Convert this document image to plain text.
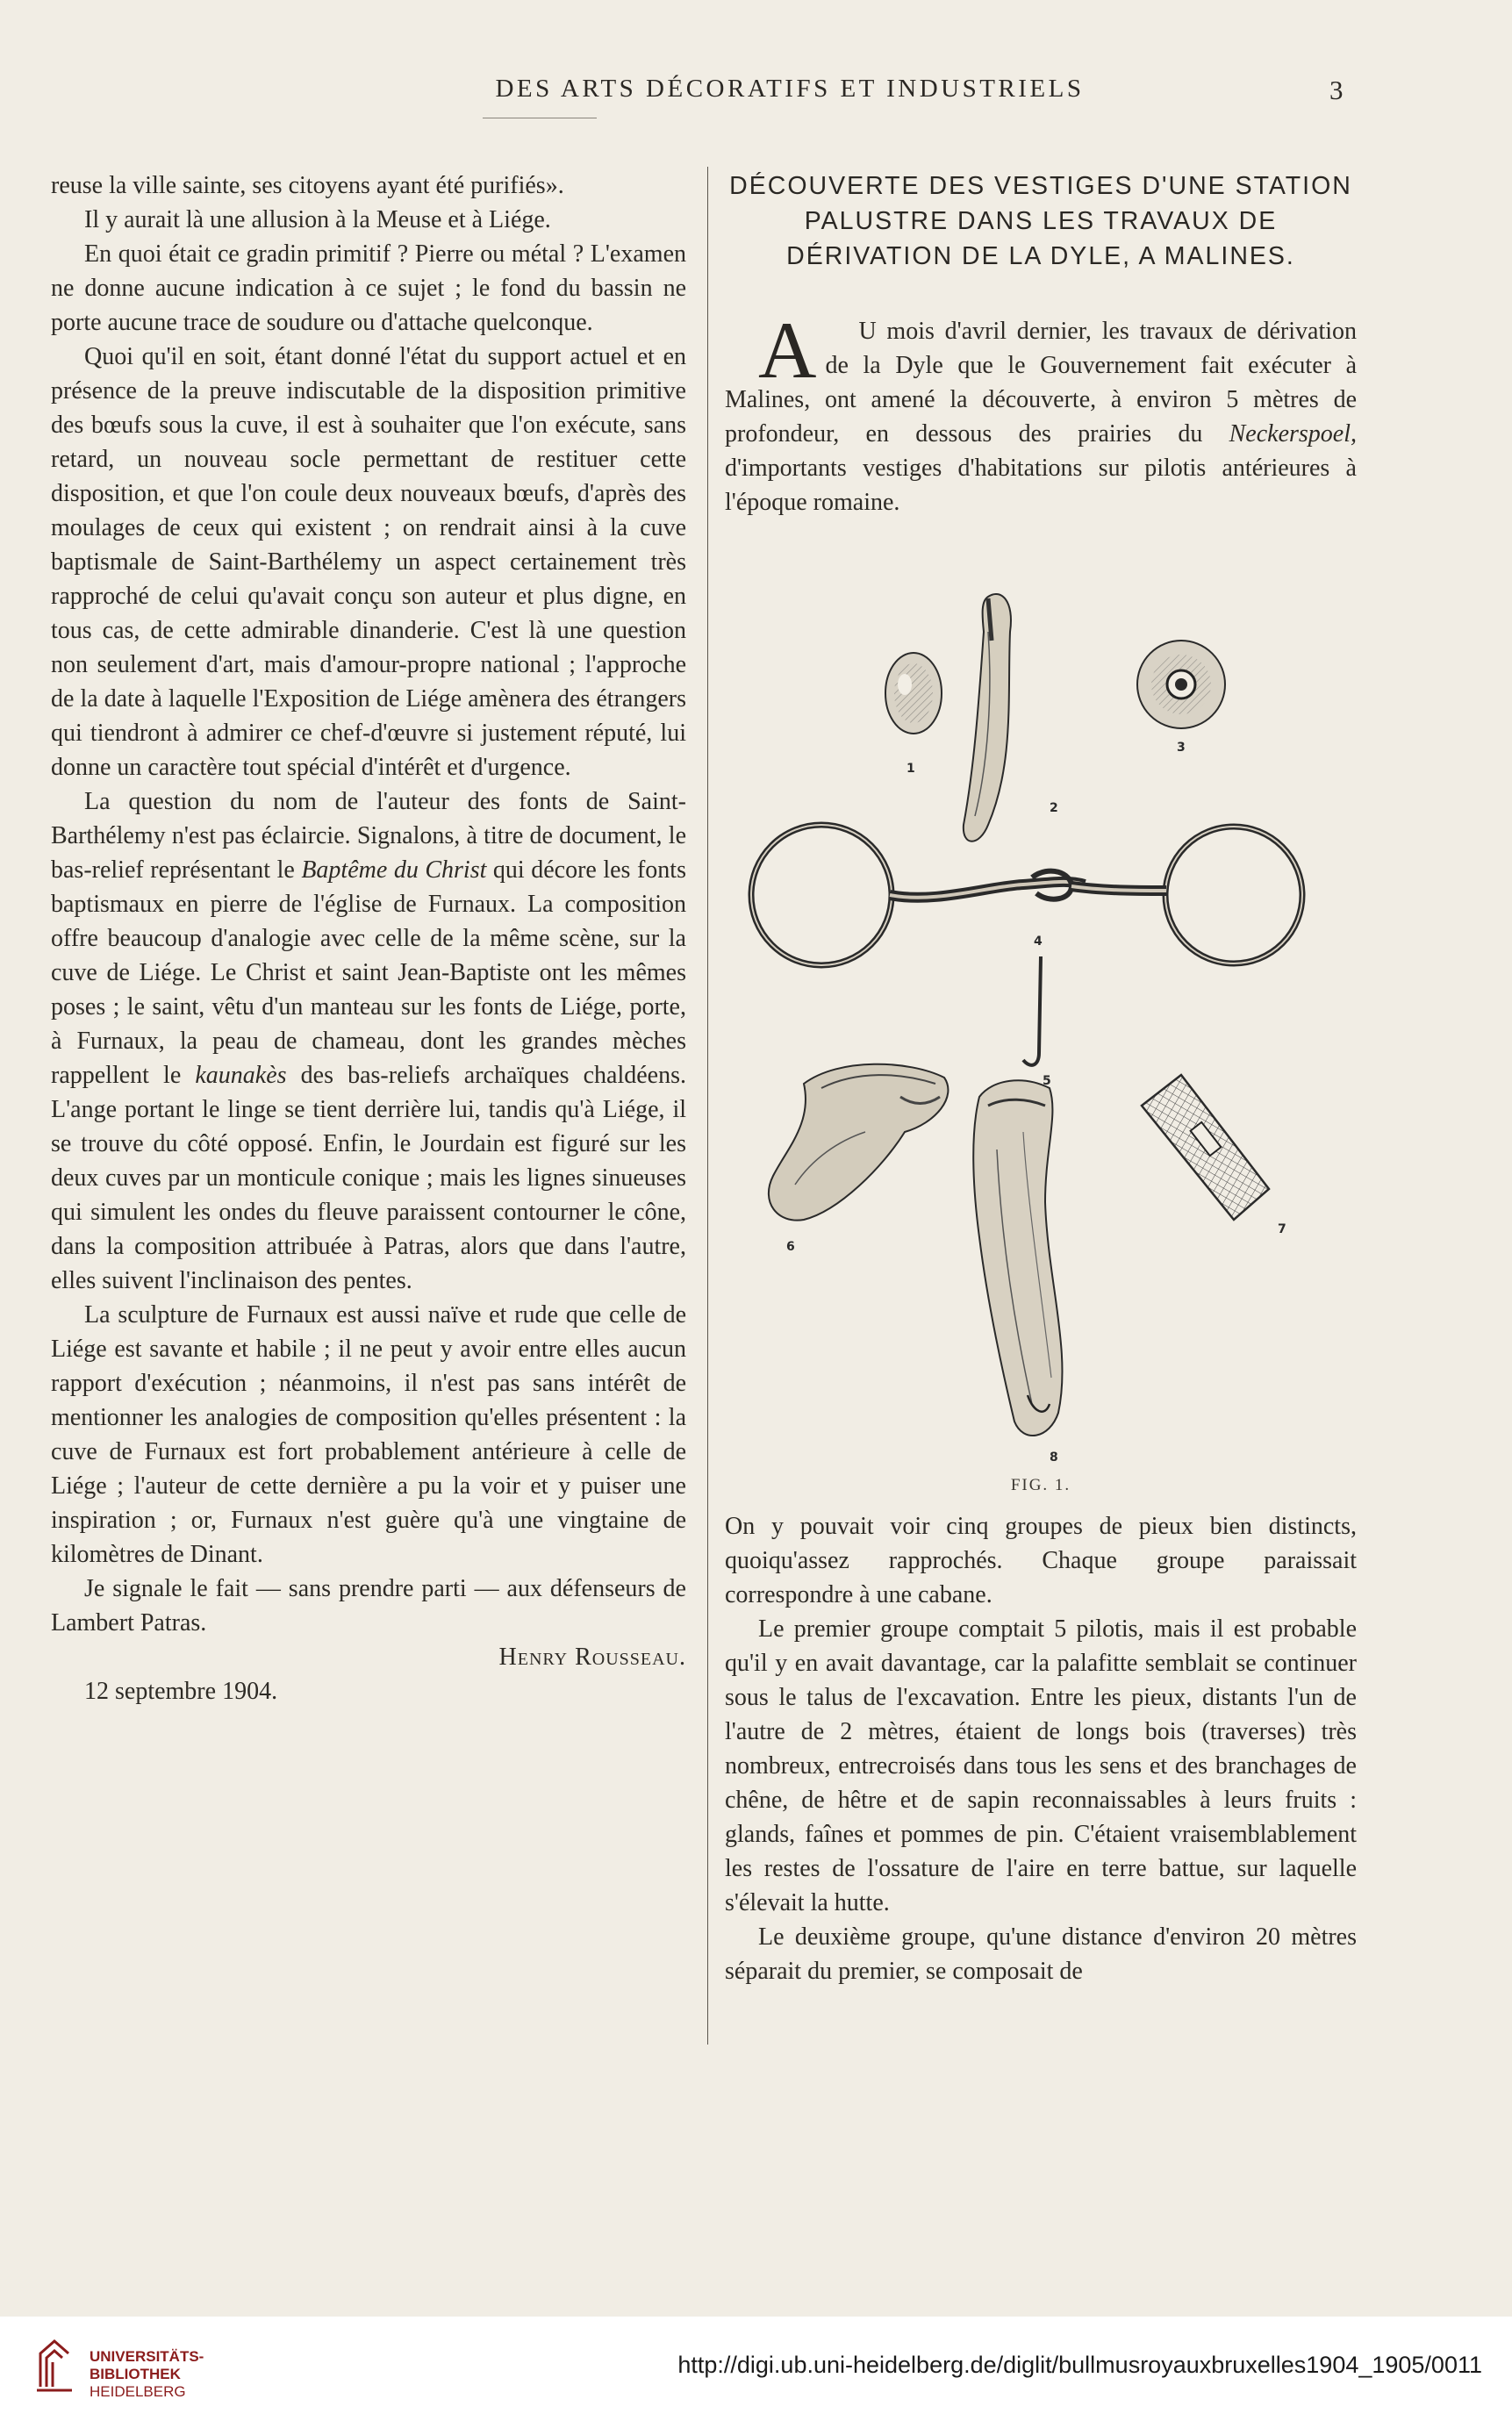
DES ARTS DÉCORATIFS ET INDUSTRIELS	3

reuse la ville sainte, ses citoyens ayant été purifiés».

Il y aurait là une allusion à la Meuse et à Liége.

En quoi était ce gradin primitif ? Pierre ou métal ? L'examen ne donne aucune indication à ce sujet ; le fond du bassin ne porte aucune trace de soudure ou d'attache quelconque.

Quoi qu'il en soit, étant donné l'état du support actuel et en présence de la preuve indiscutable de la disposition primitive des bœufs sous la cuve, il est à souhaiter que l'on exécute, sans retard, un nouveau socle permettant de restituer cette disposition, et que l'on coule deux nouveaux bœufs, d'après des moulages de ceux qui existent ; on rendrait ainsi à la cuve baptismale de Saint-Barthélemy un aspect certainement très rapproché de celui qu'avait conçu son auteur et plus digne, en tous cas, de cette admirable dinanderie. C'est là une question non seulement d'art, mais d'amour-propre national ; l'approche de la date à laquelle l'Exposition de Liége amènera des étrangers qui tiendront à admirer ce chef-d'œuvre si justement réputé, lui donne un caractère tout spécial d'intérêt et d'urgence.

La question du nom de l'auteur des fonts de Saint-Barthélemy n'est pas éclaircie. Signalons, à titre de document, le bas-relief représentant le Baptême du Christ qui décore les fonts baptismaux en pierre de l'église de Furnaux. La composition offre beaucoup d'analogie avec celle de la même scène, sur la cuve de Liége. Le Christ et saint Jean-Baptiste ont les mêmes poses ; le saint, vêtu d'un manteau sur les fonts de Liége, porte, à Furnaux, la peau de chameau, dont les grandes mèches rappellent le kaunakès des bas-reliefs archaïques chaldéens. L'ange portant le linge se tient derrière lui, tandis qu'à Liége, il se trouve du côté opposé. Enfin, le Jourdain est figuré sur les deux cuves par un monticule conique ; mais les lignes sinueuses qui simulent les ondes du fleuve paraissent contourner le cône, dans la composition attribuée à Patras, alors que dans l'autre, elles suivent l'inclinaison des pentes.

La sculpture de Furnaux est aussi naïve et rude que celle de Liége est savante et habile ; il ne peut y avoir entre elles aucun rapport d'exécution ; néanmoins, il n'est pas sans intérêt de mentionner les analogies de composition qu'elles présentent : la cuve de Furnaux est fort probablement antérieure à celle de Liége ; l'auteur de cette dernière a pu la voir et y puiser une inspiration ; or, Furnaux n'est guère qu'à une vingtaine de kilomètres de Dinant.

Je signale le fait — sans prendre parti — aux défenseurs de Lambert Patras.

Henry Rousseau.

12 septembre 1904.

DÉCOUVERTE DES VESTIGES D'UNE STATION PALUSTRE DANS LES TRAVAUX DE DÉRIVATION DE LA DYLE, A MALINES.

A U mois d'avril dernier, les travaux de dérivation de la Dyle que le Gouvernement fait exécuter à Malines, ont amené la découverte, à environ 5 mètres de profondeur, en dessous des prairies du Neckerspoel, d'importants vestiges d'habitations sur pilotis antérieures à l'époque romaine.

1
2
3
4
5
6
7
8
FIG. 1.

On y pouvait voir cinq groupes de pieux bien distincts, quoiqu'assez rapprochés. Chaque groupe paraissait correspondre à une cabane.

Le premier groupe comptait 5 pilotis, mais il est probable qu'il y en avait davantage, car la palafitte semblait se continuer sous le talus de l'excavation. Entre les pieux, distants l'un de l'autre de 2 mètres, étaient de longs bois (traverses) très nombreux, entrecroisés dans tous les sens et des branchages de chêne, de hêtre et de sapin reconnaissables à leurs fruits : glands, faînes et pommes de pin. C'étaient vraisemblablement les restes de l'ossature de l'aire en terre battue, sur laquelle s'élevait la hutte.

Le deuxième groupe, qu'une distance d'environ 20 mètres séparait du premier, se composait de

UNIVERSITÄTS-
BIBLIOTHEK
HEIDELBERG
http://digi.ub.uni-heidelberg.de/diglit/bullmusroyauxbruxelles1904_1905/0011
